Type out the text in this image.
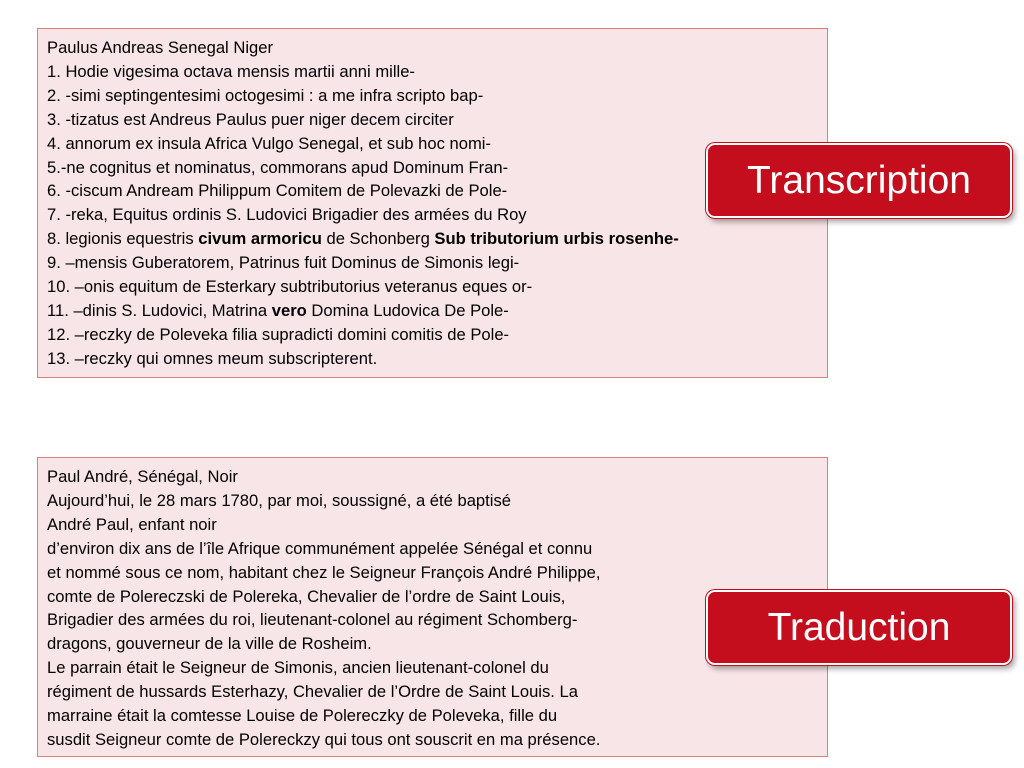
Paulus Andreas Senegal Niger
1. Hodie vigesima octava mensis martii anni mille-
2. -simi septingentesimi octogesimi : a me infra scripto bap-
3. -tizatus est Andreus Paulus puer niger decem circiter
4. annorum ex insula Africa Vulgo Senegal, et sub hoc nomi-
5.-ne cognitus et nominatus, commorans apud Dominum Fran-
6. -ciscum Andream Philippum Comitem de Polevazki de Pole-
7. -reka, Equitus ordinis S. Ludovici Brigadier des armées du Roy
8. legionis equestris civum armoricu de Schonberg Sub tributorium urbis rosenhe-
9. –mensis Guberatorem, Patrinus fuit Dominus de Simonis legi-
10. –onis equitum de Esterkary subtributorius veteranus eques or-
11. –dinis S. Ludovici, Matrina vero Domina Ludovica De Pole-
12. –reczky de Poleveka filia supradicti domini comitis de Pole-
13. –reczky qui omnes meum subscripterent.
Transcription
Paul André, Sénégal, Noir
Aujourd’hui, le 28 mars 1780, par moi, soussigné, a été baptisé
André Paul, enfant noir
d’environ dix ans de l’île Afrique communément appelée Sénégal et connu
et nommé sous ce nom, habitant chez le Seigneur François André Philippe,
comte de Polereczski de Polereka, Chevalier de l’ordre de Saint Louis,
Brigadier des armées du roi, lieutenant-colonel au régiment Schomberg-
dragons, gouverneur de la ville de Rosheim.
Le parrain était le Seigneur de Simonis, ancien lieutenant-colonel du
régiment de hussards Esterhazy, Chevalier de l’Ordre de Saint Louis. La
marraine était la comtesse Louise de Polereczky de Poleveka, fille du
susdit Seigneur comte de Polereckzy qui tous ont souscrit en ma présence.
Traduction
